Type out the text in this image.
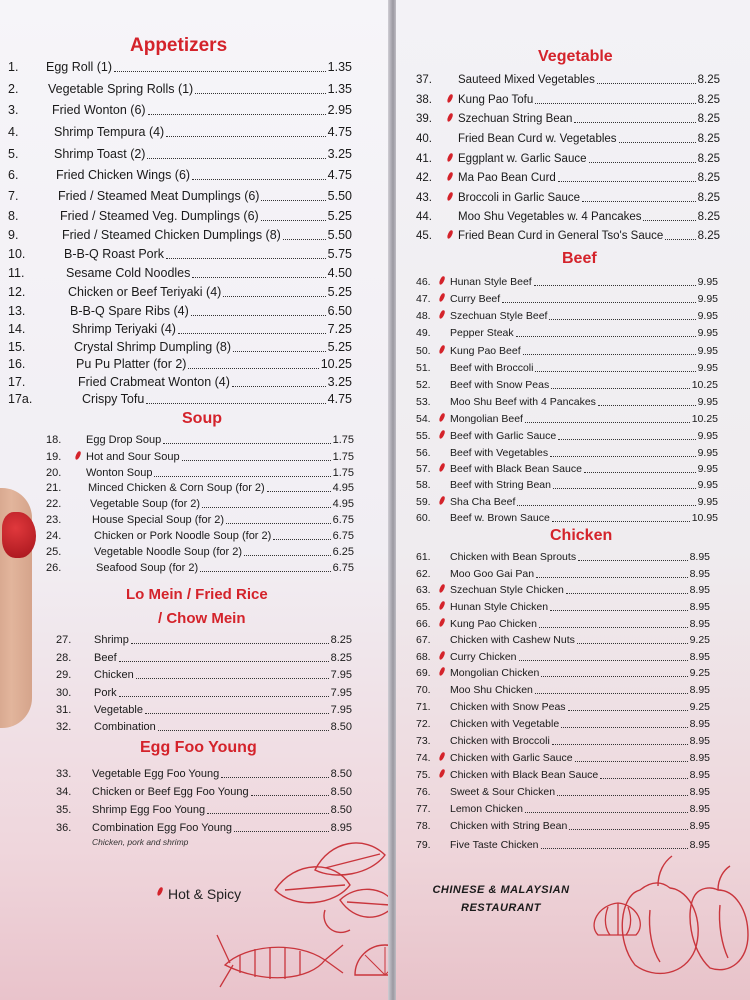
Appetizers
1. Egg Roll (1)	1.35
2. Vegetable Spring Rolls (1)	1.35
3.	Fried Wonton (6)	2.95
4.	Shrimp Tempura (4)	4.75
5.	Shrimp Toast (2)	3.25
6.	Fried Chicken Wings (6)	4.75
7.	Fried / Steamed Meat Dumplings (6)	5.50
8.	Fried / Steamed Veg. Dumplings (6)	5.25
9.	Fried / Steamed Chicken Dumplings (8)	5.50
10.	B-B-Q Roast Pork	5.75
11.	Sesame Cold Noodles	4.50
12.	Chicken or Beef Teriyaki (4)	5.25
13.	B-B-Q Spare Ribs (4)	6.50
14.	Shrimp Teriyaki (4)	7.25
15.	Crystal Shrimp Dumpling (8)	5.25
16.	Pu Pu Platter (for 2)	10.25
17.	Fried Crabmeat Wonton (4)	3.25
17a.	Crispy Tofu	4.75
Soup
18. Egg Drop Soup	1.75
19. Hot and Sour Soup	1.75
20. Wonton Soup	1.75
21. Minced Chicken & Corn Soup (for 2)	4.95
22.	Vegetable Soup (for 2)	4.95
23.	House Special Soup (for 2)	6.75
24.	Chicken or Pork Noodle Soup (for 2)	6.75
25.	Vegetable Noodle Soup (for 2)	6.25
26.	Seafood Soup (for 2)	6.75
Lo Mein / Fried Rice
/ Chow Mein
27. Shrimp	8.25
28. Beef	8.25
29. Chicken	7.95
30. Pork	7.95
31. Vegetable	7.95
32. Combination	8.50
Egg Foo Young
33. Vegetable Egg Foo Young	8.50
34. Chicken or Beef Egg Foo Young	8.50
35. Shrimp Egg Foo Young	8.50
36. Combination Egg Foo Young	8.95
Chicken, pork and shrimp
Hot & Spicy
Vegetable
37. Sauteed Mixed Vegetables	8.25
38. Kung Pao Tofu	8.25
39. Szechuan String Bean	8.25
40. Fried Bean Curd w. Vegetables	8.25
41. Eggplant w. Garlic Sauce	8.25
42. Ma Pao Bean Curd	8.25
43. Broccoli in Garlic Sauce	8.25
44. Moo Shu Vegetables w. 4 Pancakes	8.25
45. Fried Bean Curd in General Tso's Sauce	8.25
Beef
46. Hunan Style Beef	9.95
47. Curry Beef	9.95
48. Szechuan Style Beef	9.95
49. Pepper Steak	9.95
50. Kung Pao Beef	9.95
51. Beef with Broccoli	9.95
52. Beef with Snow Peas	10.25
53. Moo Shu Beef with 4 Pancakes	9.95
54. Mongolian Beef	10.25
55. Beef with Garlic Sauce	9.95
56. Beef with Vegetables	9.95
57. Beef with Black Bean Sauce	9.95
58. Beef with String Bean	9.95
59. Sha Cha Beef	9.95
60. Beef w. Brown Sauce	10.95
Chicken
61. Chicken with Bean Sprouts	8.95
62. Moo Goo Gai Pan	8.95
63. Szechuan Style Chicken	8.95
65. Hunan Style Chicken	8.95
66. Kung Pao Chicken	8.95
67. Chicken with Cashew Nuts	9.25
68. Curry Chicken	8.95
69. Mongolian Chicken	9.25
70. Moo Shu Chicken	8.95
71. Chicken with Snow Peas	9.25
72. Chicken with Vegetable	8.95
73. Chicken with Broccoli	8.95
74. Chicken with Garlic Sauce	8.95
75. Chicken with Black Bean Sauce	8.95
76. Sweet & Sour Chicken	8.95
77. Lemon Chicken	8.95
78. Chicken with String Bean	8.95
79. Five Taste Chicken	8.95
CHINESE & MALAYSIAN
RESTAURANT
